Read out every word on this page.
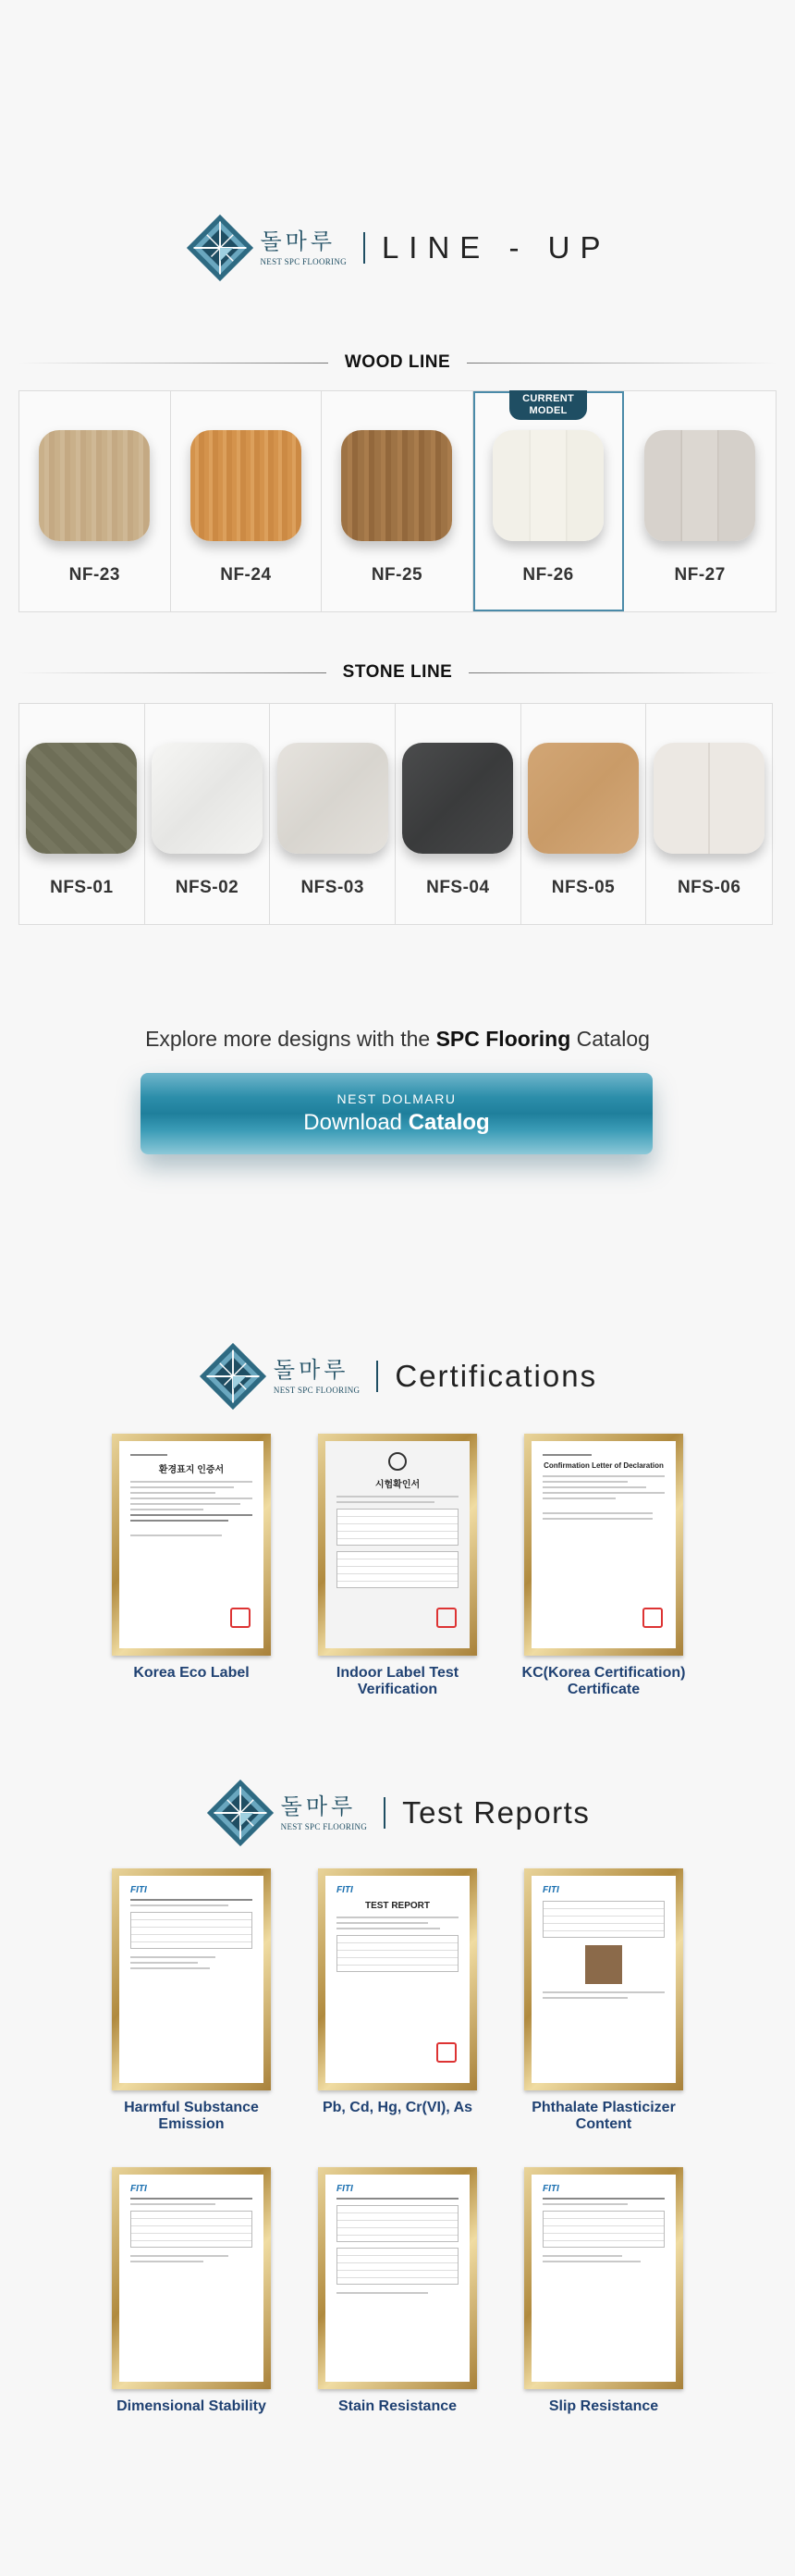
돌마루
NEST SPC FLOORING LINE - UP
WOOD LINE
NF-23	NF-24	NF-25
CURRENT MODEL
NF-26	NF-27
STONE LINE
NFS-01	NFS-02	NFS-03	NFS-04	NFS-05	NFS-06
Explore more designs with the SPC Flooring Catalog
NEST DOLMARU
Download Catalog
돌마루
NEST SPC FLOORING Certifications
환경표지 인증서
Korea Eco Label
시험확인서
Indoor Label Test Verification
Confirmation Letter of Declaration
KC(Korea Certification) Certificate
돌마루
NEST SPC FLOORING Test Reports
FITI
Harmful Substance Emission
FITI
TEST REPORT
Pb, Cd, Hg, Cr(VI), As
FITI
Phthalate Plasticizer Content
FITI
Dimensional Stability
FITI
Stain Resistance
FITI
Slip Resistance
